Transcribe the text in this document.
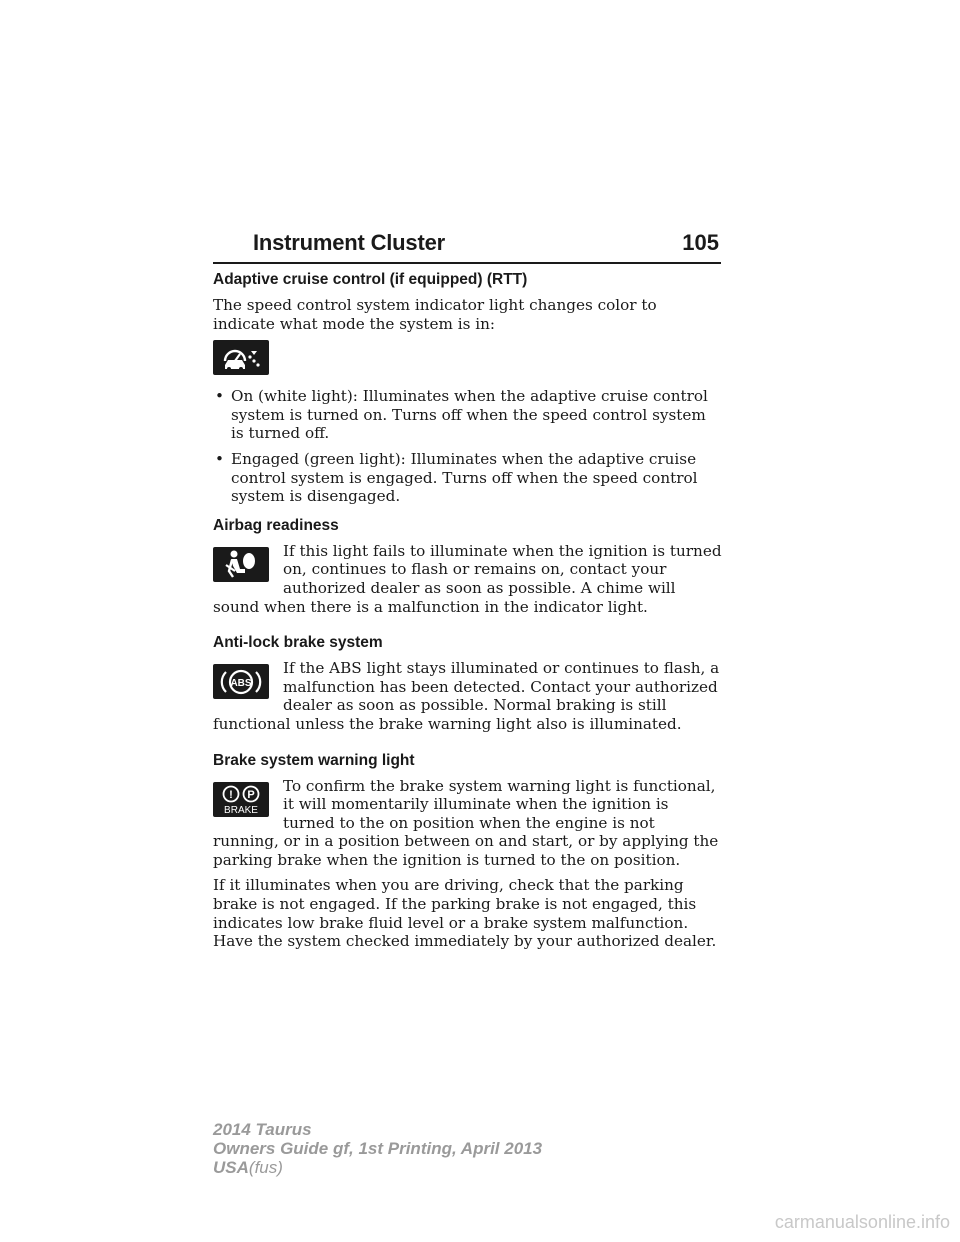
Instrument Cluster	105
Adaptive cruise control (if equipped) (RTT)

The speed control system indicator light changes color to indicate what mode the system is in:

• On (white light): Illuminates when the adaptive cruise control system is turned on. Turns off when the speed control system is turned off.
• Engaged (green light): Illuminates when the adaptive cruise control system is engaged. Turns off when the speed control system is disengaged.
Airbag readiness

If this light fails to illuminate when the ignition is turned on, continues to flash or remains on, contact your authorized dealer as soon as possible. A chime will sound when there is a malfunction in the indicator light.

Anti-lock brake system
ABS

If the ABS light stays illuminated or continues to flash, a malfunction has been detected. Contact your authorized dealer as soon as possible. Normal braking is still functional unless the brake warning light also is illuminated.

Brake system warning light
! P
BRAKE

To confirm the brake system warning light is functional, it will momentarily illuminate when the ignition is turned to the on position when the engine is not running, or in a position between on and start, or by applying the parking brake when the ignition is turned to the on position.

If it illuminates when you are driving, check that the parking brake is not engaged. If the parking brake is not engaged, this indicates low brake fluid level or a brake system malfunction. Have the system checked immediately by your authorized dealer.

2014 Taurus
Owners Guide gf, 1st Printing, April 2013
USA(fus)
carmanualsonline.info
